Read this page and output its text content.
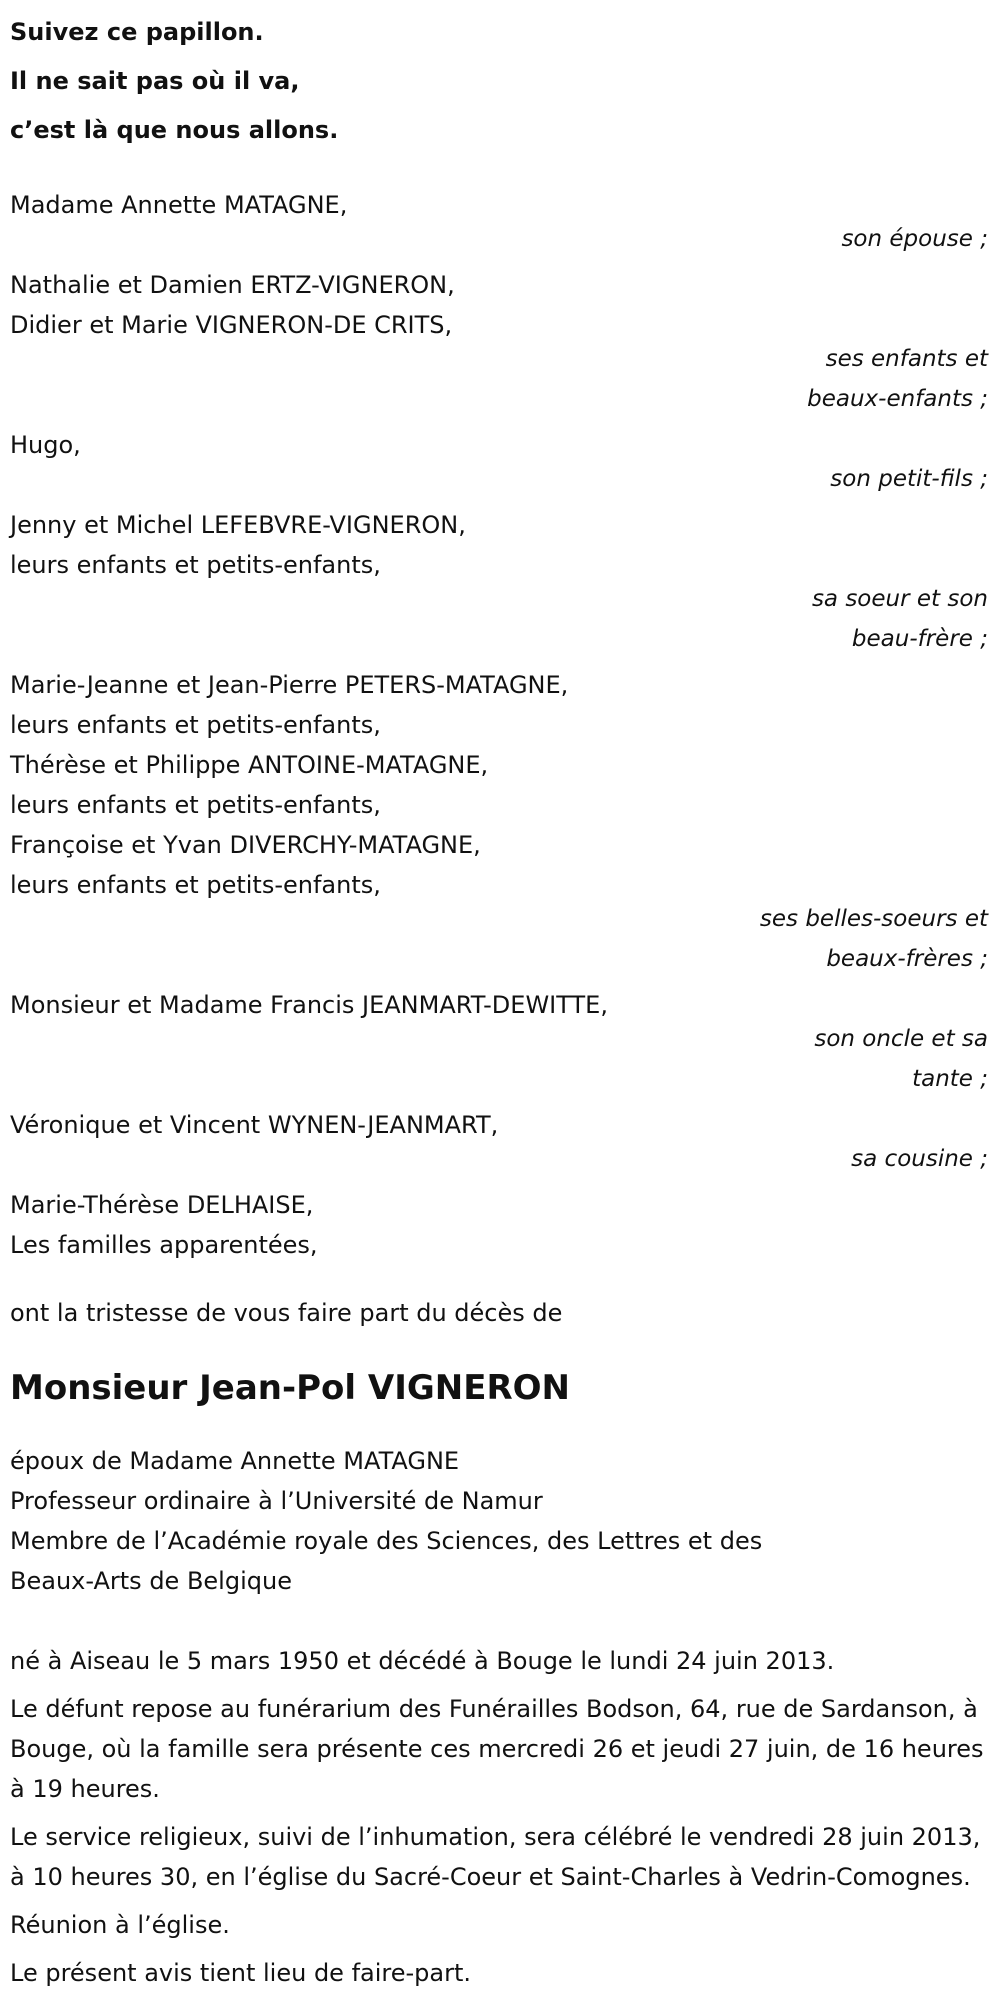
Suivez ce papillon.
Il ne sait pas où il va,
c’est là que nous allons.
Madame Annette MATAGNE,
son épouse ;
Nathalie et Damien ERTZ-VIGNERON,
Didier et Marie VIGNERON-DE CRITS,
ses enfants et beaux-enfants ;
Hugo,
son petit-fils ;
Jenny et Michel LEFEBVRE-VIGNERON,
leurs enfants et petits-enfants,
sa soeur et son beau-frère ;
Marie-Jeanne et Jean-Pierre PETERS-MATAGNE,
leurs enfants et petits-enfants,
Thérèse et Philippe ANTOINE-MATAGNE,
leurs enfants et petits-enfants,
Françoise et Yvan DIVERCHY-MATAGNE,
leurs enfants et petits-enfants,
ses belles-soeurs et beaux-frères ;
Monsieur et Madame Francis JEANMART-DEWITTE,
son oncle et sa tante ;
Véronique et Vincent WYNEN-JEANMART,
sa cousine ;
Marie-Thérèse DELHAISE,
Les familles apparentées,
ont la tristesse de vous faire part du décès de
Monsieur Jean-Pol VIGNERON
époux de Madame Annette MATAGNE
Professeur ordinaire à l’Université de Namur
Membre de l’Académie royale des Sciences, des Lettres et des
Beaux-Arts de Belgique

né à Aiseau le 5 mars 1950 et décédé à Bouge le lundi 24 juin 2013.

Le défunt repose au funérarium des Funérailles Bodson, 64, rue de Sardanson, à Bouge, où la famille sera présente ces mercredi 26 et jeudi 27 juin, de 16 heures à 19 heures.

Le service religieux, suivi de l’inhumation, sera célébré le vendredi 28 juin 2013, à 10 heures 30, en l’église du Sacré-Coeur et Saint-Charles à Vedrin-Comognes.

Réunion à l’église.

Le présent avis tient lieu de faire-part.
